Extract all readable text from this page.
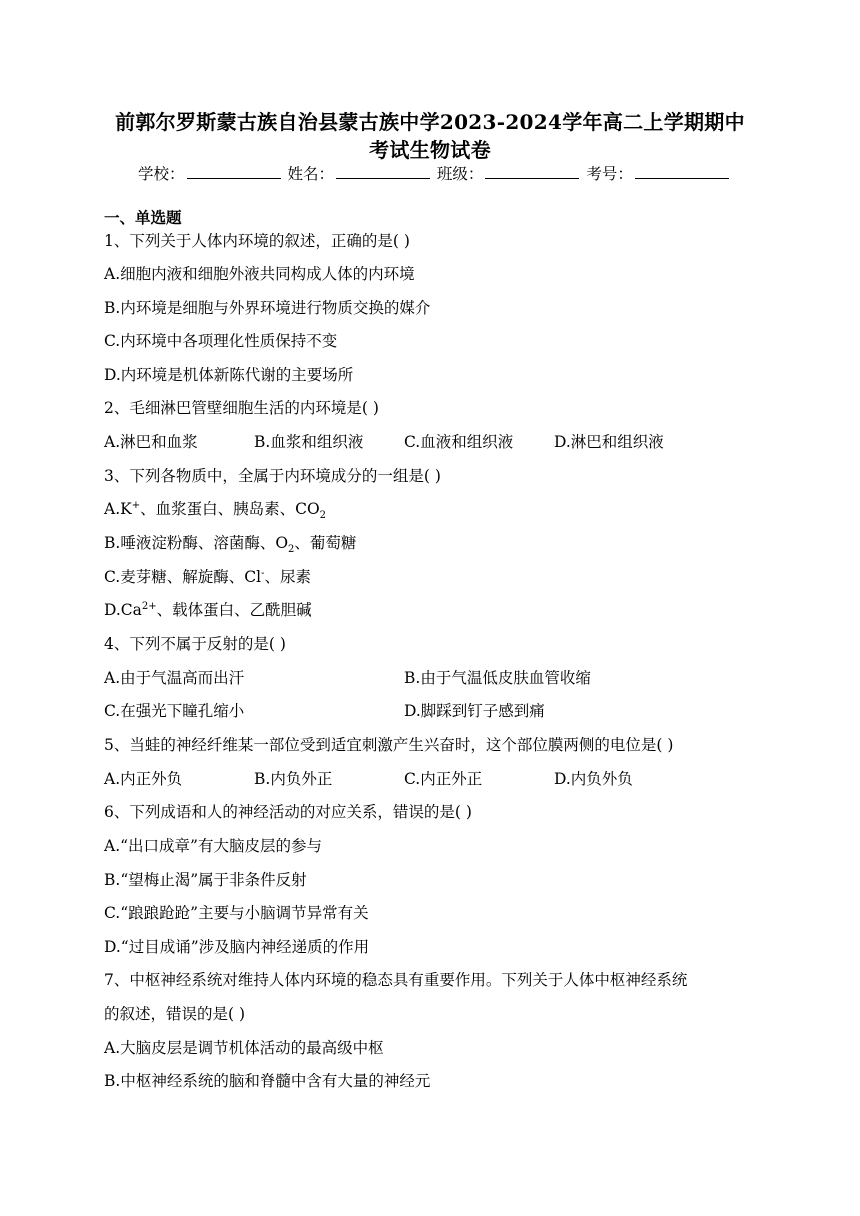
前郭尔罗斯蒙古族自治县蒙古族中学2023-2024学年高二上学期期中
考试生物试卷
学校：	姓名：	班级：	考号：
一、单选题
1、下列关于人体内环境的叙述，正确的是( )
A.细胞内液和细胞外液共同构成人体的内环境
B.内环境是细胞与外界环境进行物质交换的媒介
C.内环境中各项理化性质保持不变
D.内环境是机体新陈代谢的主要场所
2、毛细淋巴管壁细胞生活的内环境是( )
A.淋巴和血浆	B.血浆和组织液	C.血液和组织液	D.淋巴和组织液
3、下列各物质中，全属于内环境成分的一组是( )
A.K+、血浆蛋白、胰岛素、$CO_2$
B.唾液淀粉酶、溶菌酶、$O_2$、葡萄糖
C.麦芽糖、解旋酶、Cl-、尿素
$D.Ca^{2+}$、载体蛋白、乙酰胆碱
4、下列不属于反射的是( )
A.由于气温高而出汗	B.由于气温低皮肤血管收缩
C.在强光下瞳孔缩小	D.脚踩到钉子感到痛
5、当蛙的神经纤维某一部位受到适宜刺激产生兴奋时，这个部位膜两侧的电位是( )
A.内正外负	B.内负外正	C.内正外正	D.内负外负
6、下列成语和人的神经活动的对应关系，错误的是( )
A.“出口成章”有大脑皮层的参与
B.“望梅止渴”属于非条件反射
C.“踉踉跄跄”主要与小脑调节异常有关
D.“过目成诵”涉及脑内神经递质的作用
7、中枢神经系统对维持人体内环境的稳态具有重要作用。下列关于人体中枢神经系统
的叙述，错误的是( )
A.大脑皮层是调节机体活动的最高级中枢
B.中枢神经系统的脑和脊髓中含有大量的神经元
